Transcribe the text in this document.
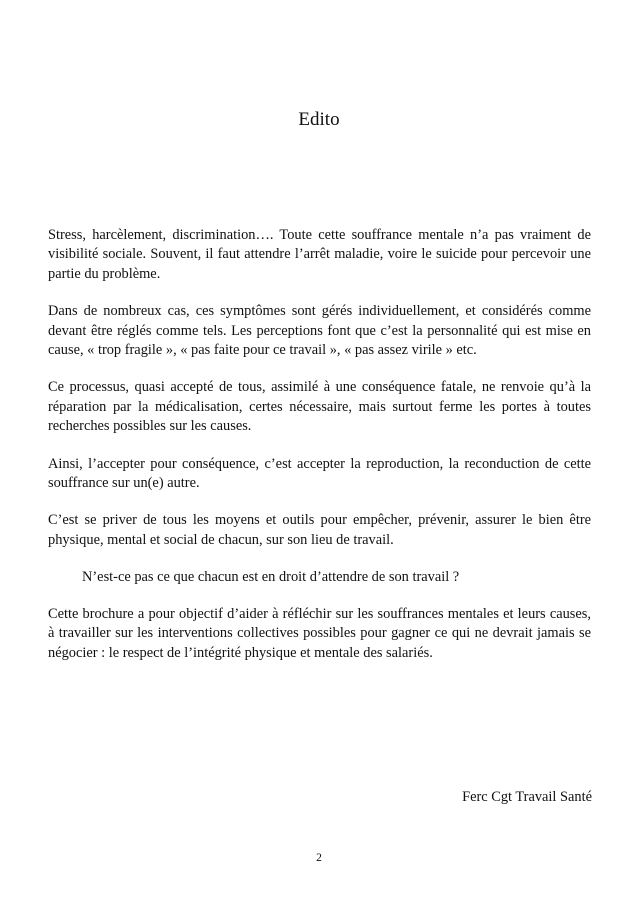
Edito

Stress, harcèlement, discrimination…. Toute cette souffrance mentale n’a pas vraiment de visibilité sociale. Souvent, il faut attendre l’arrêt maladie, voire le suicide pour percevoir une partie du problème.

Dans de nombreux cas, ces symptômes sont gérés individuellement, et considérés comme devant être réglés comme tels. Les perceptions font que c’est la personnalité qui est mise en cause, « trop fragile », « pas faite pour ce travail », « pas assez virile » etc.

Ce processus, quasi accepté de tous, assimilé à une conséquence fatale, ne renvoie qu’à la réparation par la médicalisation, certes nécessaire, mais surtout ferme les portes à toutes recherches possibles sur les causes.

Ainsi, l’accepter pour conséquence, c’est accepter la reproduction, la reconduction de cette souffrance sur un(e) autre.

C’est se priver de tous les moyens et outils pour empêcher, prévenir, assurer le bien être physique, mental et social de chacun, sur son lieu de travail.

N’est-ce pas ce que chacun est en droit d’attendre de son travail ?

Cette brochure a pour objectif d’aider à réfléchir sur les souffrances mentales et leurs causes, à travailler sur les interventions collectives possibles pour gagner ce qui ne devrait jamais se négocier : le respect de l’intégrité physique et mentale des salariés.

Ferc Cgt Travail Santé
2
